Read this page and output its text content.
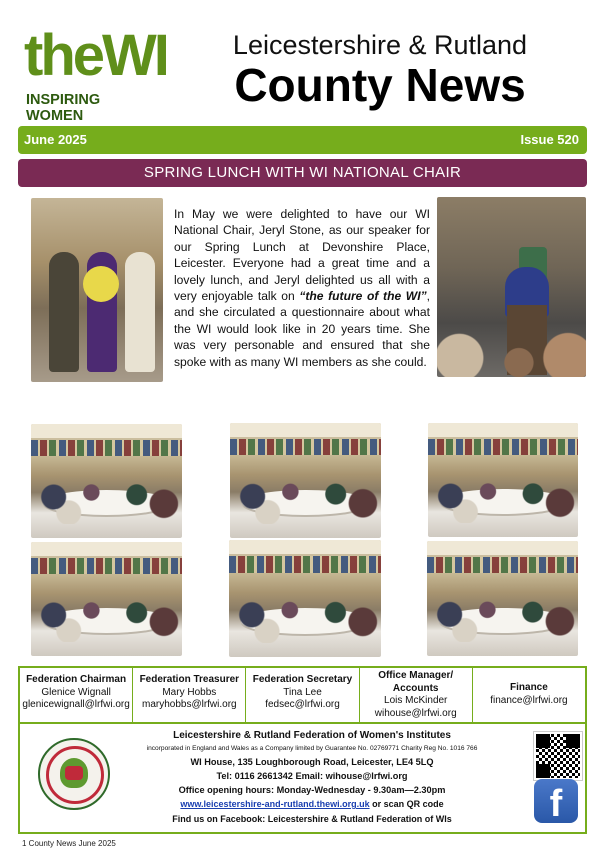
theWI
INSPIRING WOMEN
Leicestershire & Rutland
County News
June 2025	Issue 520
SPRING LUNCH WITH WI NATIONAL CHAIR
In May we were delighted to have our WI National Chair, Jeryl Stone, as our speaker for our Spring Lunch at Devonshire Place, Leicester. Everyone had a great time and a lovely lunch, and Jeryl delighted us all with a very enjoyable talk on “the future of the WI”, and she circulated a questionnaire about what the WI would look like in 20 years time. She was very personable and ensured that she spoke with as many WI members as she could.
Federation Chairman
Glenice Wignall
glenicewignall@lrfwi.org
Federation Treasurer
Mary Hobbs
maryhobbs@lrfwi.org
Federation Secretary
Tina Lee
fedsec@lrfwi.org
Office Manager/ Accounts
Lois McKinder
wihouse@lrfwi.org
Finance
finance@lrfwi.org
Leicestershire & Rutland Federation of Women's Institutes
incorporated in England and Wales as a Company limited by Guarantee No. 02769771 Charity Reg No. 1016 766
WI House, 135 Loughborough Road, Leicester, LE4 5LQ
Tel: 0116 2661342 Email: wihouse@lrfwi.org
Office opening hours: Monday-Wednesday - 9.30am—2.30pm
www.leicestershire-and-rutland.thewi.org.uk or scan QR code
Find us on Facebook: Leicestershire & Rutland Federation of WIs	f
1 County News June 2025
